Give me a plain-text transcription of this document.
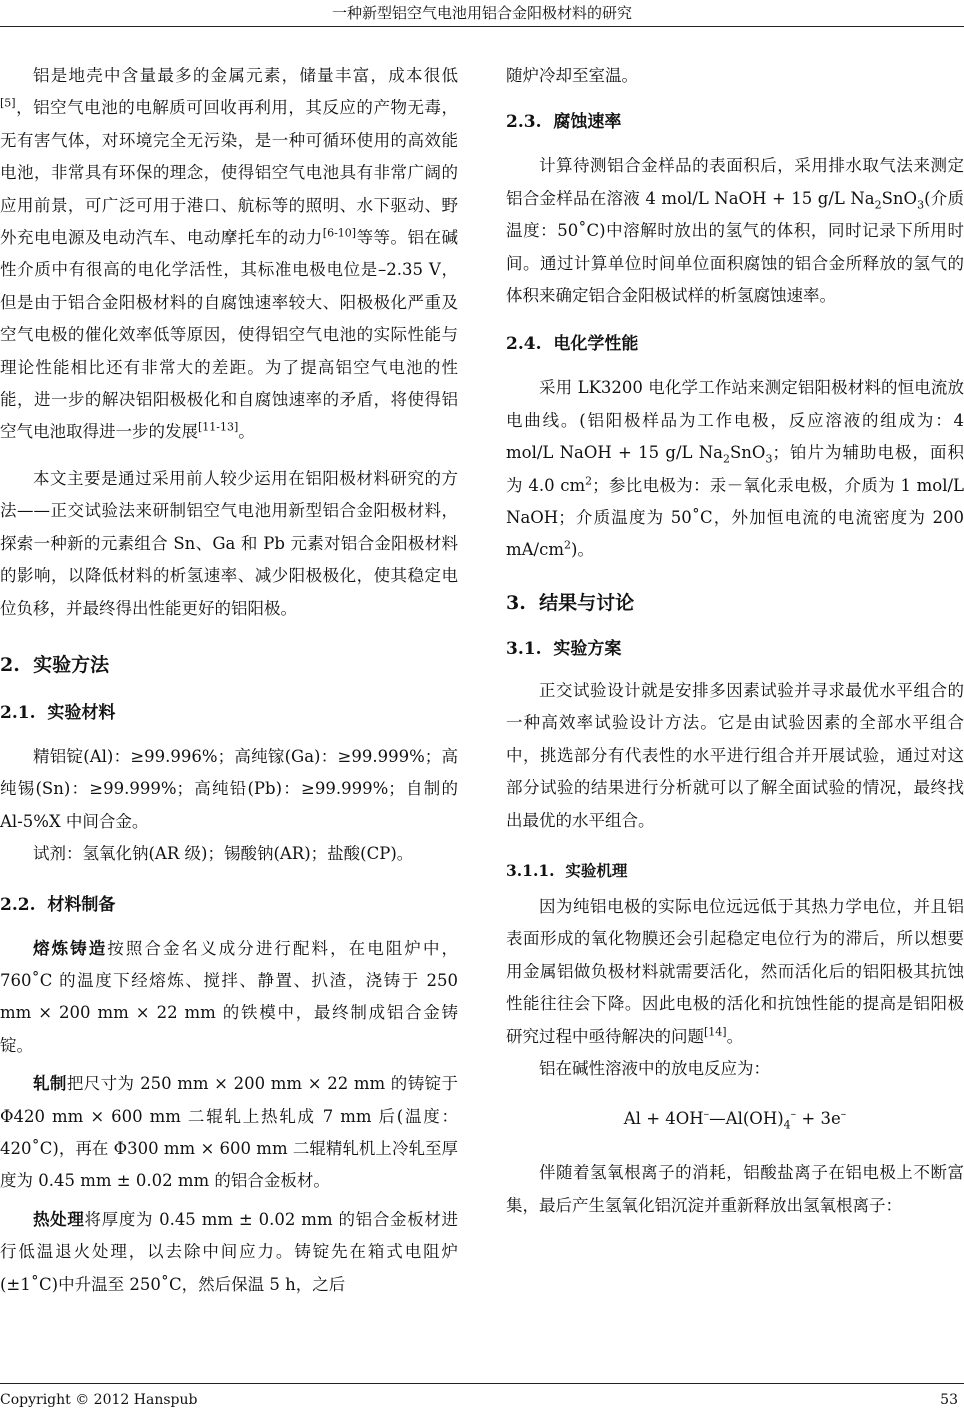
一种新型铝空气电池用铝合金阳极材料的研究

铝是地壳中含量最多的金属元素，储量丰富，成本很低[5]，铝空气电池的电解质可回收再利用，其反应的产物无毒，无有害气体，对环境完全无污染，是一种可循环使用的高效能电池，非常具有环保的理念，使得铝空气电池具有非常广阔的应用前景，可广泛可用于港口、航标等的照明、水下驱动、野外充电电源及电动汽车、电动摩托车的动力[6-10]等等。铝在碱性介质中有很高的电化学活性，其标准电极电位是–2.35 V，但是由于铝合金阳极材料的自腐蚀速率较大、阳极极化严重及空气电极的催化效率低等原因，使得铝空气电池的实际性能与理论性能相比还有非常大的差距。为了提高铝空气电池的性能，进一步的解决铝阳极极化和自腐蚀速率的矛盾，将使得铝空气电池取得进一步的发展[11-13]。

本文主要是通过采用前人较少运用在铝阳极材料研究的方法——正交试验法来研制铝空气电池用新型铝合金阳极材料，探索一种新的元素组合 Sn、Ga 和 Pb 元素对铝合金阳极材料的影响，以降低材料的析氢速率、减少阳极极化，使其稳定电位负移，并最终得出性能更好的铝阳极。

2. 实验方法
2.1. 实验材料

精铝锭(Al)：≥99.996%；高纯镓(Ga)：≥99.999%；高纯锡(Sn)：≥99.999%；高纯铅(Pb)：≥99.999%；自制的 Al-5%X 中间合金。

试剂：氢氧化钠(AR 级)；锡酸钠(AR)；盐酸(CP)。

2.2. 材料制备

熔炼铸造按照合金名义成分进行配料，在电阻炉中，760˚C 的温度下经熔炼、搅拌、静置、扒渣，浇铸于 250 mm × 200 mm × 22 mm 的铁模中，最终制成铝合金铸锭。

轧制把尺寸为 250 mm × 200 mm × 22 mm 的铸锭于 Φ420 mm × 600 mm 二辊轧上热轧成 7 mm 后(温度：420˚C)，再在 Φ300 mm × 600 mm 二辊精轧机上冷轧至厚度为 0.45 mm ± 0.02 mm 的铝合金板材。

热处理将厚度为 0.45 mm ± 0.02 mm 的铝合金板材进行低温退火处理，以去除中间应力。铸锭先在箱式电阻炉(±1˚C)中升温至 250˚C，然后保温 5 h，之后

随炉冷却至室温。

2.3. 腐蚀速率

计算待测铝合金样品的表面积后，采用排水取气法来测定铝合金样品在溶液 4 mol/L NaOH + 15 g/L $Na_2SnO_3$(介质温度：50˚C)中溶解时放出的氢气的体积，同时记录下所用时间。通过计算单位时间单位面积腐蚀的铝合金所释放的氢气的体积来确定铝合金阳极试样的析氢腐蚀速率。

2.4. 电化学性能

采用 LK3200 电化学工作站来测定铝阳极材料的恒电流放电曲线。(铝阳极样品为工作电极，反应溶液的组成为：4 mol/L NaOH + 15 g/L $Na_2SnO_3$；铂片为辅助电极，面积为 4.0 $cm^2$；参比电极为：汞－氧化汞电极，介质为 1 mol/L NaOH；介质温度为 50˚C，外加恒电流的电流密度为 200 $mA/cm^2$)。

3. 结果与讨论
3.1. 实验方案

正交试验设计就是安排多因素试验并寻求最优水平组合的一种高效率试验设计方法。它是由试验因素的全部水平组合中，挑选部分有代表性的水平进行组合并开展试验，通过对这部分试验的结果进行分析就可以了解全面试验的情况，最终找出最优的水平组合。

3.1.1. 实验机理

因为纯铝电极的实际电位远远低于其热力学电位，并且铝表面形成的氧化物膜还会引起稳定电位行为的滞后，所以想要用金属铝做负极材料就需要活化，然而活化后的铝阳极其抗蚀性能往往会下降。因此电极的活化和抗蚀性能的提高是铝阳极研究过程中亟待解决的问题[14]。

铝在碱性溶液中的放电反应为：

$Al + 4OH^-—Al(OH)_4^- + 3e^-$

伴随着氢氧根离子的消耗，铝酸盐离子在铝电极上不断富集，最后产生氢氧化铝沉淀并重新释放出氢氧根离子：

Copyright © 2012 Hanspub	53
